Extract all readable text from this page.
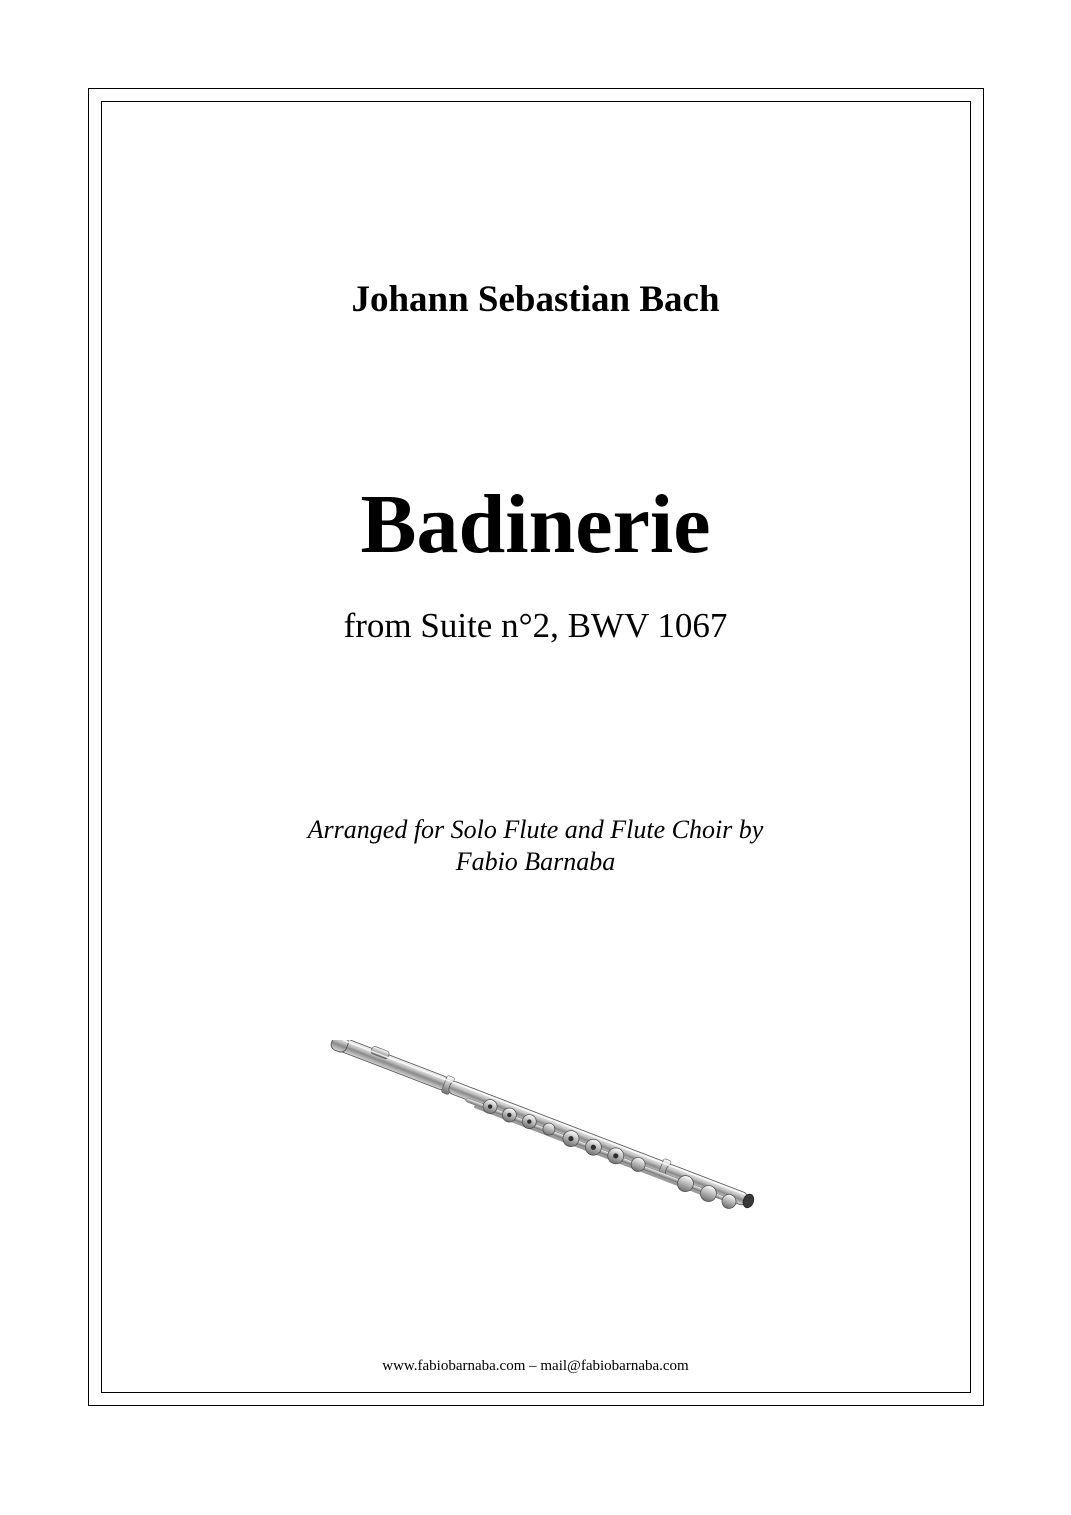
Johann Sebastian Bach
Badinerie
from Suite n°2, BWV 1067
Arranged for Solo Flute and Flute Choir by
Fabio Barnaba
www.fabiobarnaba.com – mail@fabiobarnaba.com
